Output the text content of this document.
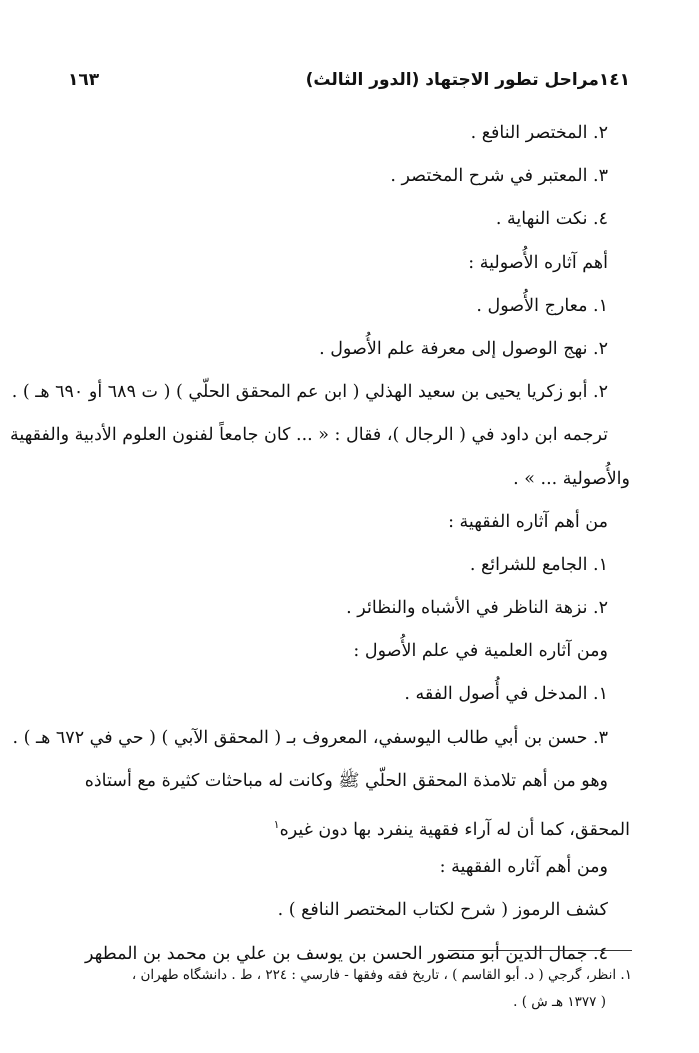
١٤١مراحل تطور الاجتهاد (الدور الثالث)
١٦٣

٢. المختصر النافع .

٣. المعتبر في شرح المختصر .

٤. نكت النهاية .

أهم آثاره الأُصولية :

١. معارج الأُصول .

٢. نهج الوصول إلى معرفة علم الأُصول .

٢. أبو زكريا يحيى بن سعيد الهذلي ( ابن عم المحقق الحلّي ) ( ت ٦٨٩ أو ٦٩٠ هـ ) .

ترجمه ابن داود في ( الرجال )، فقال : « ... كان جامعاً لفنون العلوم الأدبية والفقهية

والأُصولية ... » .

من أهم آثاره الفقهية :

١. الجامع للشرائع .

٢. نزهة الناظر في الأشباه والنظائر .

ومن آثاره العلمية في علم الأُصول :

١. المدخل في أُصول الفقه .

٣. حسن بن أبي طالب اليوسفي، المعروف بـ ( المحقق الآبي ) ( حي في ٦٧٢ هـ ) .

وهو من أهم تلامذة المحقق الحلّي ﷺ وكانت له مباحثات كثيرة مع أستاذه

المحقق، كما أن له آراء فقهية ينفرد بها دون غيره$^١$

ومن أهم آثاره الفقهية :

كشف الرموز ( شرح لكتاب المختصر النافع ) .

٤. جمال الدين أبو منصور الحسن بن يوسف بن علي بن محمد بن المطهر

١. انظر، گرجي ( د. أبو القاسم ) ، تاريخ فقه وفقها - فارسي : ٢٢٤ ، ط . دانشگاه طهران ،

( ١٣٧٧ هـ ش ) .
